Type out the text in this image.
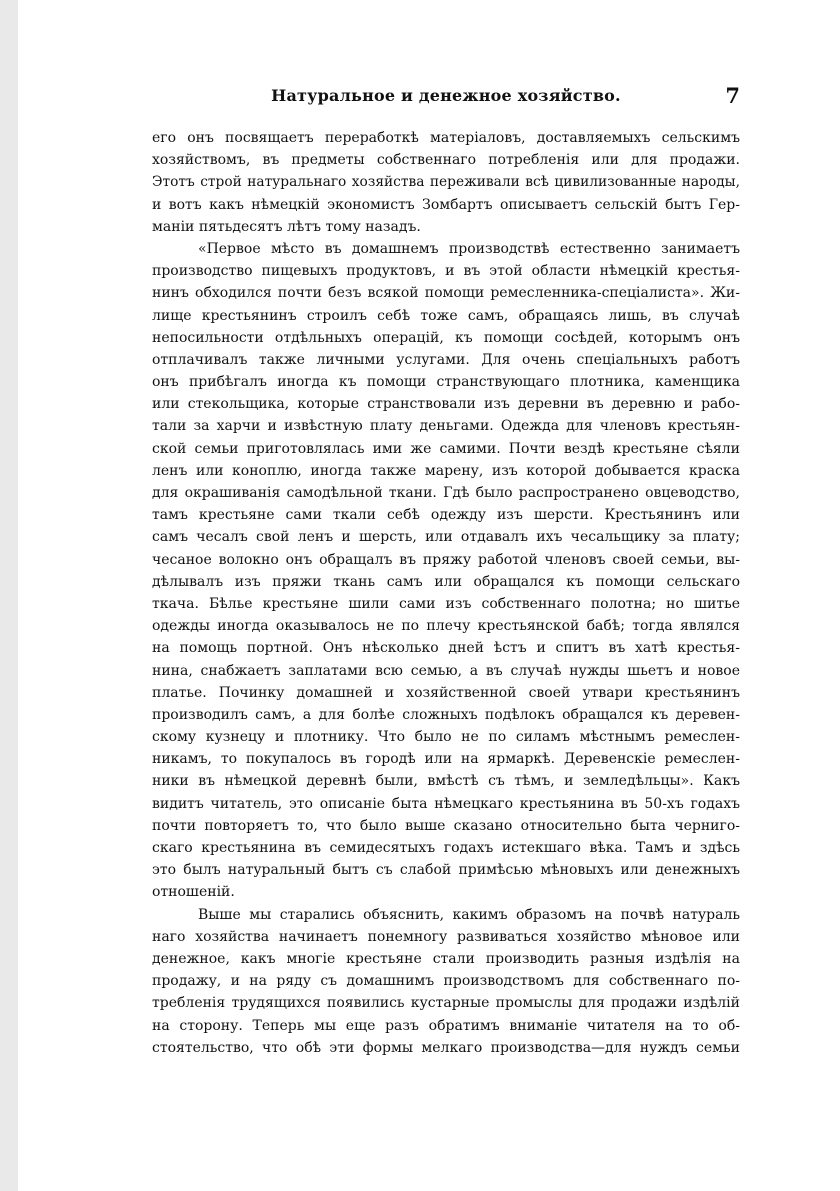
Натуральное и денежное хозяйство.	7
его онъ посвящаетъ переработкѣ матеріаловъ, доставляемыхъ сельскимъ
хозяйствомъ, въ предметы собственнаго потребленія или для продажи.
Этотъ строй натуральнаго хозяйства переживали всѣ цивилизованные народы,
и вотъ какъ нѣмецкій экономистъ Зомбартъ описываетъ сельскій бытъ Гер-
маніи пятьдесятъ лѣтъ тому назадъ.
«Первое мѣсто въ домашнемъ производствѣ естественно занимаетъ
производство пищевыхъ продуктовъ, и въ этой области нѣмецкій крестья-
нинъ обходился почти безъ всякой помощи ремесленника-спеціалиста». Жи-
лище крестьянинъ строилъ себѣ тоже самъ, обращаясь лишь, въ случаѣ
непосильности отдѣльныхъ операцій, къ помощи сосѣдей, которымъ онъ
отплачивалъ также личными услугами. Для очень спеціальныхъ работъ
онъ прибѣгалъ иногда къ помощи странствующаго плотника, каменщика
или стекольщика, которые странствовали изъ деревни въ деревню и рабо-
тали за харчи и извѣстную плату деньгами. Одежда для членовъ крестьян-
ской семьи приготовлялась ими же самими. Почти вездѣ крестьяне сѣяли
ленъ или коноплю, иногда также марену, изъ которой добывается краска
для окрашиванія самодѣльной ткани. Гдѣ было распространено овцеводство,
тамъ крестьяне сами ткали себѣ одежду изъ шерсти. Крестьянинъ или
самъ чесалъ свой ленъ и шерсть, или отдавалъ ихъ чесальщику за плату;
чесаное волокно онъ обращалъ въ пряжу работой членовъ своей семьи, вы-
дѣлывалъ изъ пряжи ткань самъ или обращался къ помощи сельскаго
ткача. Бѣлье крестьяне шили сами изъ собственнаго полотна; но шитье
одежды иногда оказывалось не по плечу крестьянской бабѣ; тогда являлся
на помощь портной. Онъ нѣсколько дней ѣстъ и спитъ въ хатѣ крестья-
нина, снабжаетъ заплатами всю семью, а въ случаѣ нужды шьетъ и новое
платье. Починку домашней и хозяйственной своей утвари крестьянинъ
производилъ самъ, а для болѣе сложныхъ подѣлокъ обращался къ деревен-
скому кузнецу и плотнику. Что было не по силамъ мѣстнымъ ремеслен-
никамъ, то покупалось въ городѣ или на ярмаркѣ. Деревенскіе ремеслен-
ники въ нѣмецкой деревнѣ были, вмѣстѣ съ тѣмъ, и земледѣльцы». Какъ
видитъ читатель, это описаніе быта нѣмецкаго крестьянина въ 50-хъ годахъ
почти повторяетъ то, что было выше сказано относительно быта черниго-
скаго крестьянина въ семидесятыхъ годахъ истекшаго вѣка. Тамъ и здѣсь
это былъ натуральный бытъ съ слабой примѣсью мѣновыхъ или денежныхъ
отношеній.
Выше мы старались объяснить, какимъ образомъ на почвѣ натураль
наго хозяйства начинаетъ понемногу развиваться хозяйство мѣновое или
денежное, какъ многіе крестьяне стали производить разныя издѣлія на
продажу, и на ряду съ домашнимъ производствомъ для собственнаго по-
требленія трудящихся появились кустарные промыслы для продажи издѣлій
на сторону. Теперь мы еще разъ обратимъ вниманіе читателя на то об-
стоятельство, что обѣ эти формы мелкаго производства—для нуждъ семьи
